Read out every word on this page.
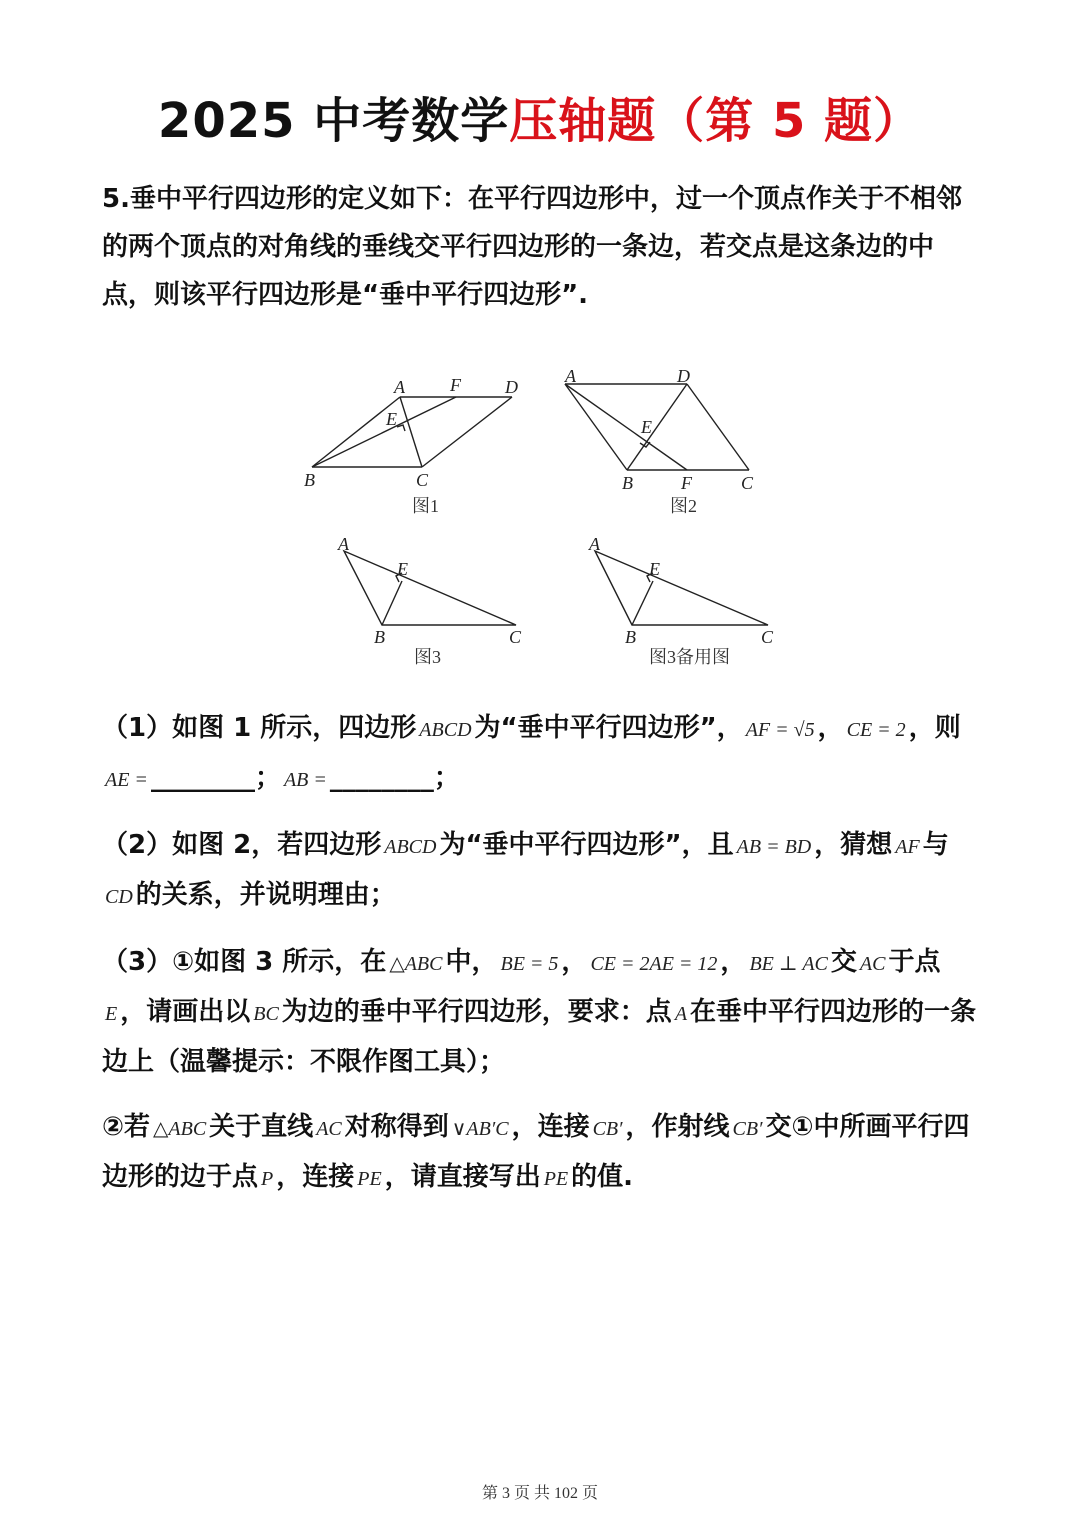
2025 中考数学压轴题（第 5 题）

5.垂中平行四边形的定义如下：在平行四边形中，过一个顶点作关于不相邻的两个顶点的对角线的垂线交平行四边形的一条边，若交点是这条边的中点，则该平行四边形是“垂中平行四边形”.

A	F D
E
B	C
图1
A	D
E
B	F	C
图2
A
E
B	C
图3
A
E
B	C
图3备用图

（1）如图 1 所示，四边形 ABCD 为“垂中平行四边形”， AF = √5 ， CE = 2 ，则AE = ________； AB = ________；

（2）如图 2，若四边形 ABCD 为“垂中平行四边形”，且 AB = BD ，猜想 AF 与CD 的关系，并说明理由；

（3）①如图 3 所示，在 △ABC 中， BE = 5 ， CE = 2AE = 12 ， BE ⊥ AC 交 AC 于点E ，请画出以 BC 为边的垂中平行四边形，要求：点 A 在垂中平行四边形的一条边上（温馨提示：不限作图工具）；

②若 △ABC 关于直线 AC 对称得到 ∨AB′C ，连接 CB′ ，作射线 CB′ 交①中所画平行四边形的边于点 P ，连接 PE ，请直接写出 PE 的值.

第 3 页 共 102 页
